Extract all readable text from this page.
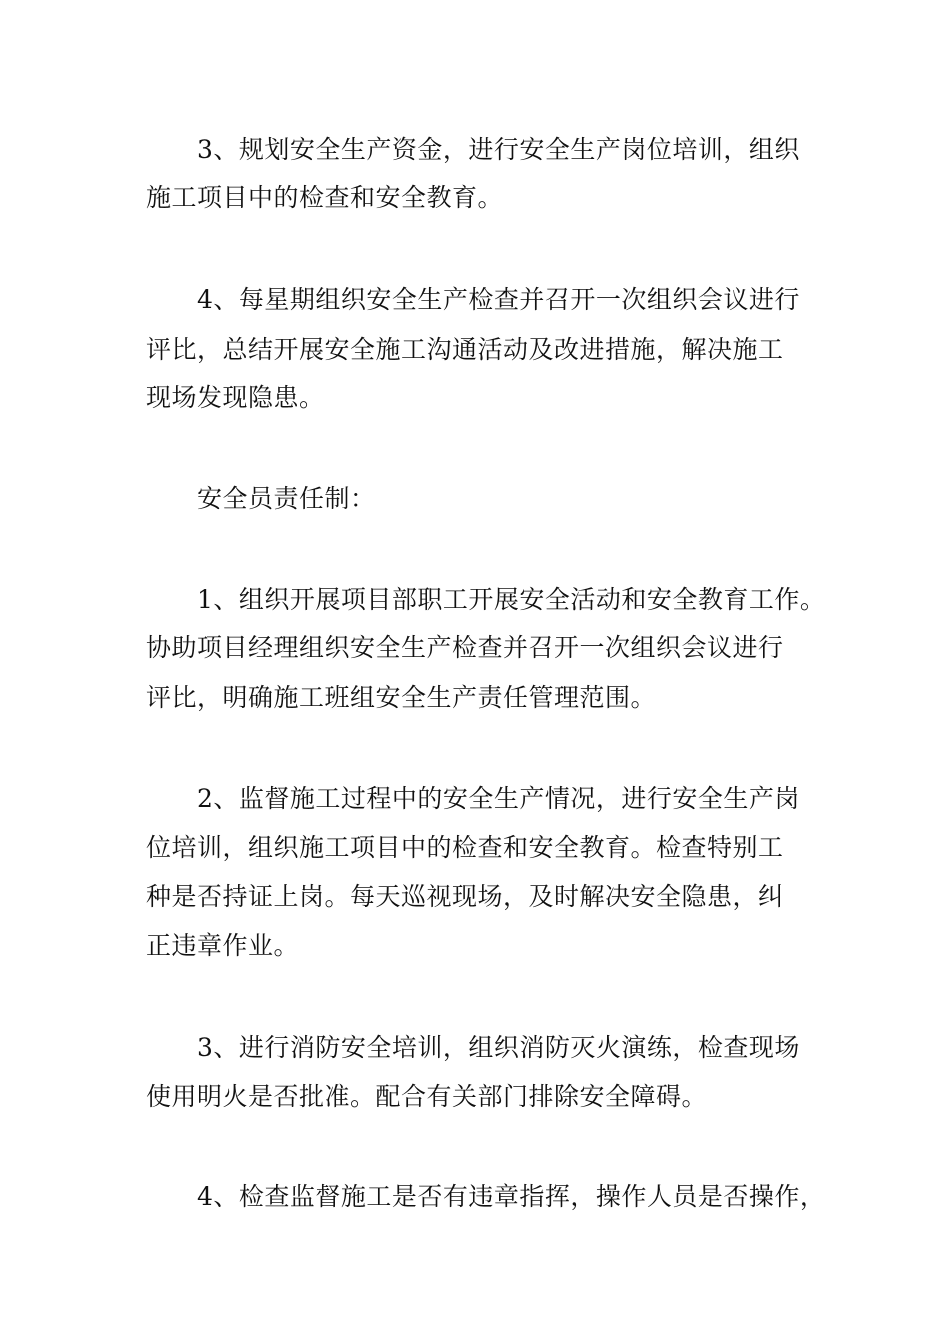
3、规划安全生产资金，进行安全生产岗位培训，组织
施工项目中的检查和安全教育。
4、每星期组织安全生产检查并召开一次组织会议进行
评比，总结开展安全施工沟通活动及改进措施，解决施工
现场发现隐患。
安全员责任制：
1、组织开展项目部职工开展安全活动和安全教育工作。
协助项目经理组织安全生产检查并召开一次组织会议进行
评比，明确施工班组安全生产责任管理范围。
2、监督施工过程中的安全生产情况，进行安全生产岗
位培训，组织施工项目中的检查和安全教育。检查特别工
种是否持证上岗。每天巡视现场，及时解决安全隐患，纠
正违章作业。
3、进行消防安全培训，组织消防灭火演练，检查现场
使用明火是否批准。配合有关部门排除安全障碍。
4、检查监督施工是否有违章指挥，操作人员是否操作，
